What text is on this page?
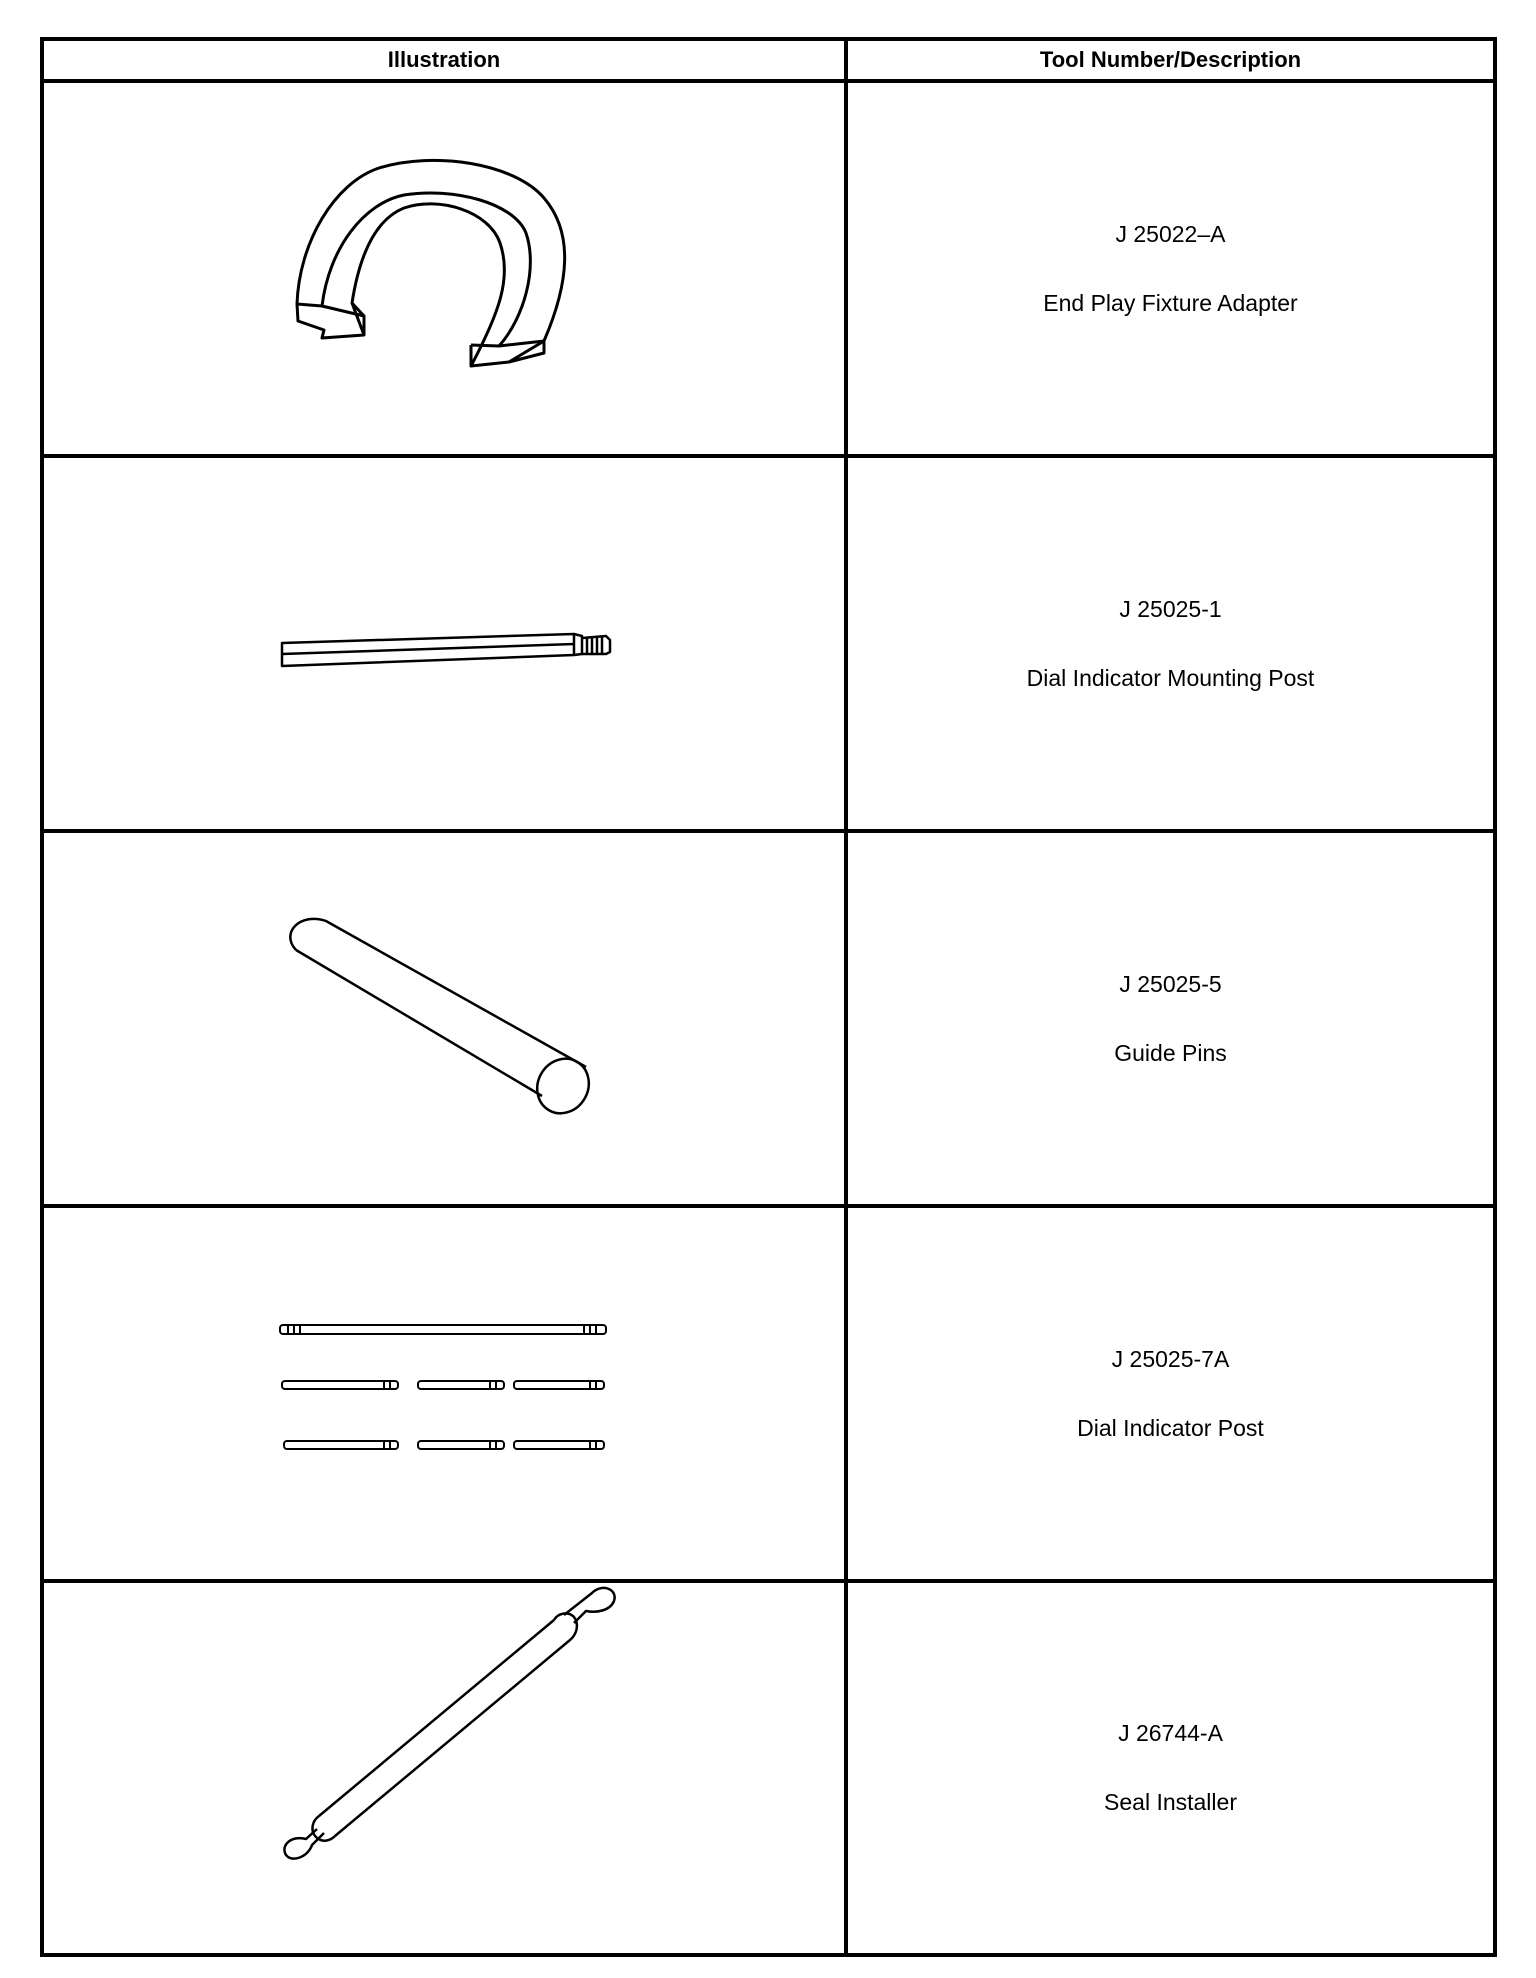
Illustration	Tool Number/Description
J 25022–A
End Play Fixture Adapter
J 25025-1
Dial Indicator Mounting Post
J 25025-5
Guide Pins
J 25025-7A
Dial Indicator Post
J 26744-A
Seal Installer
